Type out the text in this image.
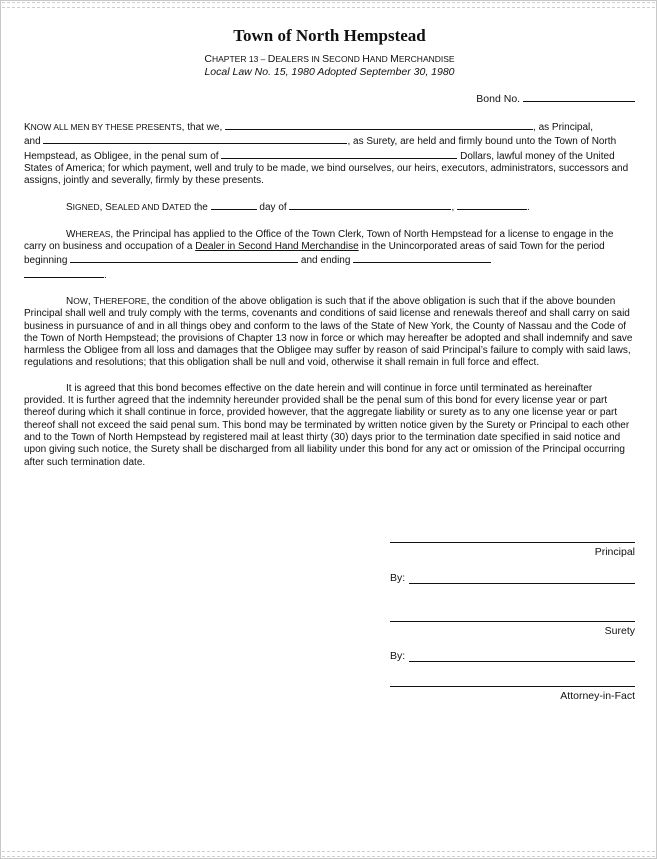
Town of North Hempstead
CHAPTER 13 – DEALERS IN SECOND HAND MERCHANDISE
Local Law No. 15, 1980 Adopted September 30, 1980
Bond No.

KNOW ALL MEN BY THESE PRESENTS, that we,	, as Principal,
and	, as Surety, are held and firmly bound unto the Town of North Hempstead, as Obligee, in the penal sum of	Dollars, lawful money of the United States of America; for which payment, well and truly to be made, we bind ourselves, our heirs, executors, administrators, successors and assigns, jointly and severally, firmly by these presents.

SIGNED, SEALED AND DATED the	day of	,	.

WHEREAS, the Principal has applied to the Office of the Town Clerk, Town of North Hempstead for a license to engage in the carry on business and occupation of a Dealer in Second Hand Merchandise in the Unincorporated areas of said Town for the period beginning	and ending
.

NOW, THEREFORE, the condition of the above obligation is such that if the above obligation is such that if the above bounden Principal shall well and truly comply with the terms, covenants and conditions of said license and renewals thereof and shall carry on said business in pursuance of and in all things obey and conform to the laws of the State of New York, the County of Nassau and the Code of the Town of North Hempstead; the provisions of Chapter 13 now in force or which may hereafter be adopted and shall indemnify and save harmless the Obligee from all loss and damages that the Obligee may suffer by reason of said Principal’s failure to comply with said laws, regulations and resolutions; that this obligation shall be null and void, otherwise it shall remain in full force and effect.

It is agreed that this bond becomes effective on the date herein and will continue in force until terminated as hereinafter provided. It is further agreed that the indemnity hereunder provided shall be the penal sum of this bond for every license year or part thereof during which it shall continue in force, provided however, that the aggregate liability or surety as to any one license year or part thereof shall not exceed the said penal sum. This bond may be terminated by written notice given by the Surety or Principal to each other and to the Town of North Hempstead by registered mail at least thirty (30) days prior to the termination date specified in said notice and upon giving such notice, the Surety shall be discharged from all liability under this bond for any act or omission of the Principal occurring after such termination date.

Principal
By:
Surety
By:
Attorney-in-Fact
